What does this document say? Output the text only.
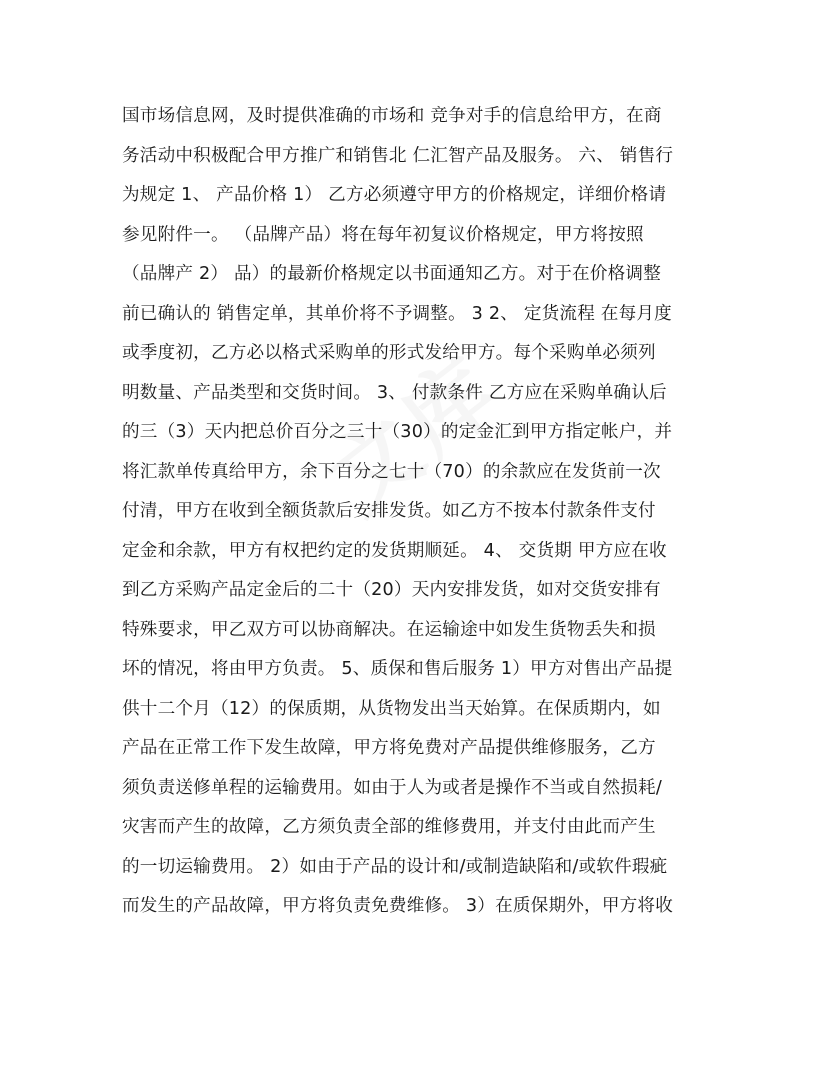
国市场信息网，及时提供准确的市场和 竞争对手的信息给甲方，在商
务活动中积极配合甲方推广和销售北 仁汇智产品及服务。 六、 销售行
为规定 1、 产品价格 1） 乙方必须遵守甲方的价格规定，详细价格请
参见附件一。 （品牌产品）将在每年初复议价格规定，甲方将按照
（品牌产 2） 品）的最新价格规定以书面通知乙方。对于在价格调整
前已确认的 销售定单，其单价将不予调整。 3 2、 定货流程 在每月度
或季度初，乙方必以格式采购单的形式发给甲方。每个采购单必须列
明数量、产品类型和交货时间。 3、 付款条件 乙方应在采购单确认后
的三（3）天内把总价百分之三十（30）的定金汇到甲方指定帐户，并
将汇款单传真给甲方，余下百分之七十（70）的余款应在发货前一次
付清，甲方在收到全额货款后安排发货。如乙方不按本付款条件支付
定金和余款，甲方有权把约定的发货期顺延。 4、 交货期 甲方应在收
到乙方采购产品定金后的二十（20）天内安排发货，如对交货安排有
特殊要求，甲乙双方可以协商解决。在运输途中如发生货物丢失和损
坏的情况，将由甲方负责。 5、质保和售后服务 1）甲方对售出产品提
供十二个月（12）的保质期，从货物发出当天始算。在保质期内，如
产品在正常工作下发生故障，甲方将免费对产品提供维修服务，乙方
须负责送修单程的运输费用。如由于人为或者是操作不当或自然损耗/
灾害而产生的故障，乙方须负责全部的维修费用，并支付由此而产生
的一切运输费用。 2）如由于产品的设计和/或制造缺陷和/或软件瑕疵
而发生的产品故障，甲方将负责免费维修。 3）在质保期外，甲方将收
